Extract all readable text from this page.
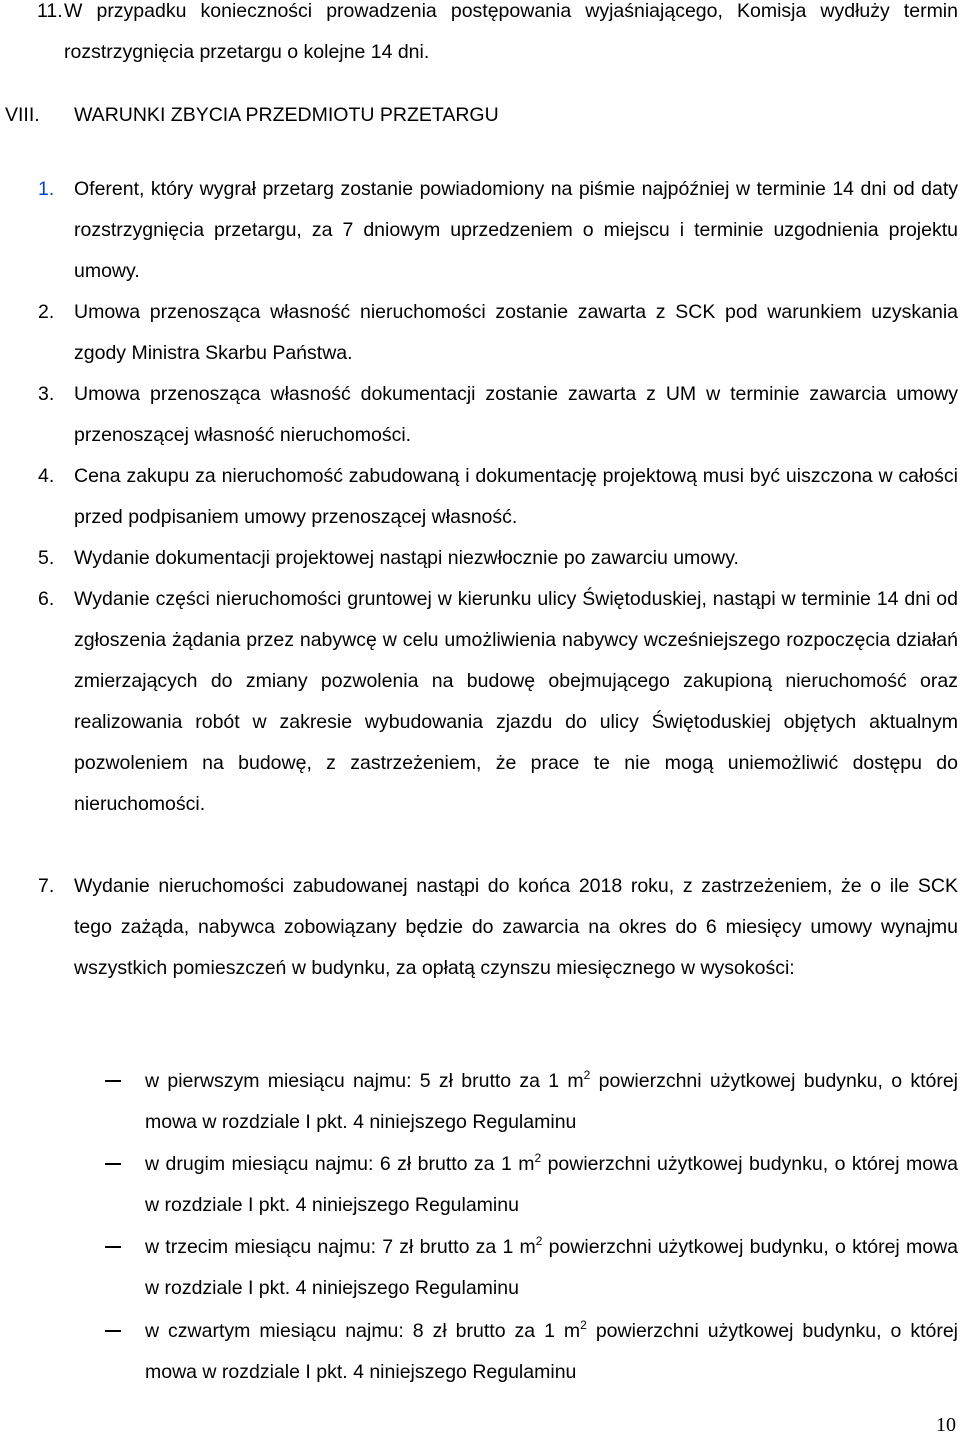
11. W przypadku konieczności prowadzenia postępowania wyjaśniającego, Komisja wydłuży termin rozstrzygnięcia przetargu o kolejne 14 dni.
VIII. WARUNKI ZBYCIA PRZEDMIOTU PRZETARGU
1. Oferent, który wygrał przetarg zostanie powiadomiony na piśmie najpóźniej w terminie 14 dni od daty rozstrzygnięcia przetargu, za 7 dniowym uprzedzeniem o miejscu i terminie uzgodnienia projektu umowy.
2. Umowa przenosząca własność nieruchomości zostanie zawarta z SCK pod warunkiem uzyskania zgody Ministra Skarbu Państwa.
3. Umowa przenosząca własność dokumentacji zostanie zawarta z UM w terminie zawarcia umowy przenoszącej własność nieruchomości.
4. Cena zakupu za nieruchomość zabudowaną i dokumentację projektową musi być uiszczona w całości przed podpisaniem umowy przenoszącej własność.
5. Wydanie dokumentacji projektowej nastąpi niezwłocznie po zawarciu umowy.
6. Wydanie części nieruchomości gruntowej w kierunku ulicy Świętoduskiej, nastąpi w terminie 14 dni od zgłoszenia żądania przez nabywcę w celu umożliwienia nabywcy wcześniejszego rozpoczęcia działań zmierzających do zmiany pozwolenia na budowę obejmującego zakupioną nieruchomość oraz realizowania robót w zakresie wybudowania zjazdu do ulicy Świętoduskiej objętych aktualnym pozwoleniem na budowę, z zastrzeżeniem, że prace te nie mogą uniemożliwić dostępu do nieruchomości.
7. Wydanie nieruchomości zabudowanej nastąpi do końca 2018 roku, z zastrzeżeniem, że o ile SCK tego zażąda, nabywca zobowiązany będzie do zawarcia na okres do 6 miesięcy umowy wynajmu wszystkich pomieszczeń w budynku, za opłatą czynszu miesięcznego w wysokości:
w pierwszym miesiącu najmu: 5 zł brutto za 1 $m^2$ powierzchni użytkowej budynku, o której mowa w rozdziale I pkt. 4 niniejszego Regulaminu
w drugim miesiącu najmu: 6 zł brutto za 1 $m^2$ powierzchni użytkowej budynku, o której mowa w rozdziale I pkt. 4 niniejszego Regulaminu
w trzecim miesiącu najmu: 7 zł brutto za 1 $m^2$ powierzchni użytkowej budynku, o której mowa w rozdziale I pkt. 4 niniejszego Regulaminu
w czwartym miesiącu najmu: 8 zł brutto za 1 $m^2$ powierzchni użytkowej budynku, o której mowa w rozdziale I pkt. 4 niniejszego Regulaminu
10
